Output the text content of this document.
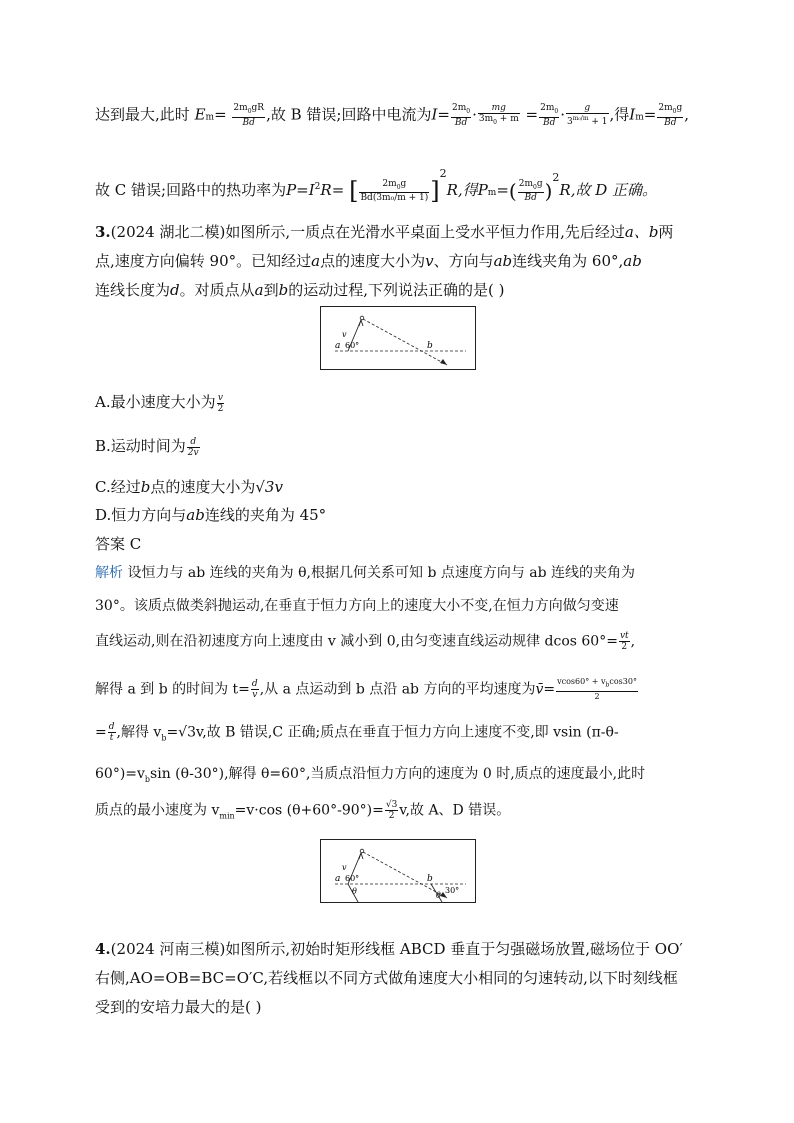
达到最大,此时 $Em= \frac{2m_0gR}{Bd}$ ,故 B 错误;回路中电流为$I= \frac{2m_0}{Bd} \cdot \frac{mg}{3m_0 + m} = \frac{2m_0}{Bd} \cdot \frac{g}{3^{m_0/m} + 1}$ ,得$Im= \frac{2m_0g}{Bd}$ ,
故 C 错误;回路中的热功率为$P=I^2R=$ [ $\frac{2m_0g}{\text{Bd(3m₀/m + 1)}} ]^2R$,得$Pm=( \frac{2m_0g}{Bd} )^2R$,故 D 正确。
3.(2024 湖北二模)如图所示,一质点在光滑水平桌面上受水平恒力作用,先后经过a、b两
点,速度方向偏转 90°。已知经过a点的速度大小为v、方向与ab连线夹角为 60°,ab
连线长度为d。对质点从a到b的运动过程,下列说法正确的是( )
v
a 60°	b
A.最小速度大小为 $\frac{v}{2}$
B.运动时间为 $\frac{d}{2v}$
C.经过b点的速度大小为√3v
D.恒力方向与ab连线的夹角为 45°
答案 C
解析 设恒力与 ab 连线的夹角为 θ,根据几何关系可知 b 点速度方向与 ab 连线的夹角为
30°。该质点做类斜抛运动,在垂直于恒力方向上的速度大小不变,在恒力方向做匀变速
直线运动,则在沿初速度方向上速度由 v 减小到 0,由匀变速直线运动规律 dcos $60^\circ= \frac{vt}{2}$ ,
解得 a 到 b 的时间为 $t= \frac{d}{v}$ ,从 a 点运动到 b 点沿 ab 方向的平均速度为v̄= $\frac{vcos60^\circ + v_b\cos 30^\circ}{2}$
= $\frac{d}{t}$ ,解得 $v_b=√3v$,故 B 错误,C 正确;质点在垂直于恒力方向上速度不变,即 vsin (π-θ-
$60^\circ)=v_b\sin$ (θ-30°),解得 θ=60°,当质点沿恒力方向的速度为 0 时,质点的速度最小,此时
质点的最小速度为 $v_{min}=v\cdot\cos$ $(\theta+60^\circ-90^\circ)= \frac{√3}{2} v$,故 A、D 错误。
v
a 60°
θ
b
30°
θ
4.(2024 河南三模)如图所示,初始时矩形线框 ABCD 垂直于匀强磁场放置,磁场位于 OO′
右侧,AO=OB=BC=O′C,若线框以不同方式做角速度大小相同的匀速转动,以下时刻线框
受到的安培力最大的是( )
